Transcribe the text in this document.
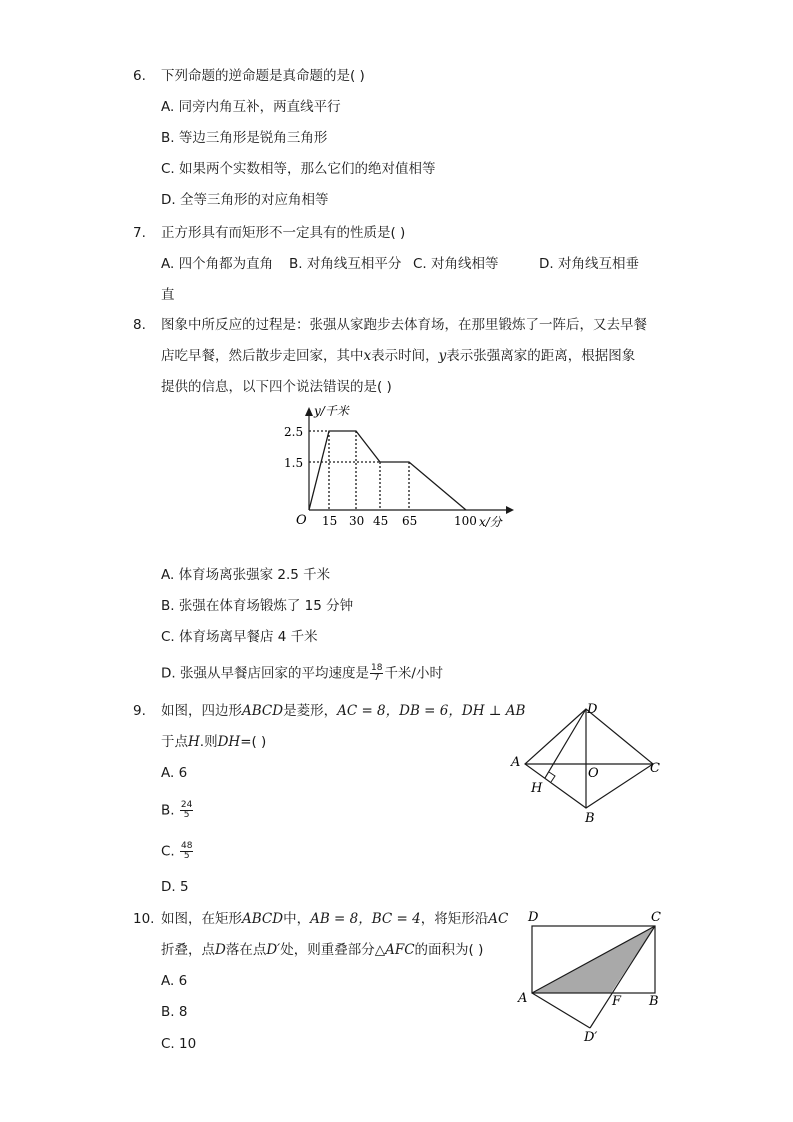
6. 下列命题的逆命题是真命题的是( )
A. 同旁内角互补，两直线平行
B. 等边三角形是锐角三角形
C. 如果两个实数相等，那么它们的绝对值相等
D. 全等三角形的对应角相等
7. 正方形具有而矩形不一定具有的性质是( )
A. 四个角都为直角 B. 对角线互相平分 C. 对角线相等	D. 对角线互相垂
直
8. 图象中所反应的过程是：张强从家跑步去体育场，在那里锻炼了一阵后，又去早餐
店吃早餐，然后散步走回家，其中x表示时间，y表示张强离家的距离，根据图象
提供的信息，以下四个说法错误的是( )
O
2.5
1.5
15 30 45 65	100 x/分
y/千米
A. 体育场离张强家 2.5 千米
B. 张强在体育场锻炼了 15 分钟
C. 体育场离早餐店 4 千米
D. 张强从早餐店回家的平均速度是 $\frac{18}{7}$ 千米/小时
9. 如图，四边形ABCD是菱形，AC = 8，DB = 6，DH ⊥ AB
于点H.则DH=( )
A. 6
B. $\frac{24}{5}$
C. $\frac{48}{5}$
D. 5
D
A
O	C
H
B
10. 如图，在矩形ABCD中，AB = 8，BC = 4，将矩形沿AC
折叠，点D落在点D′处，则重叠部分△AFC的面积为( )
A. 6
B. 8
C. 10
D	C
A	F B
D′
